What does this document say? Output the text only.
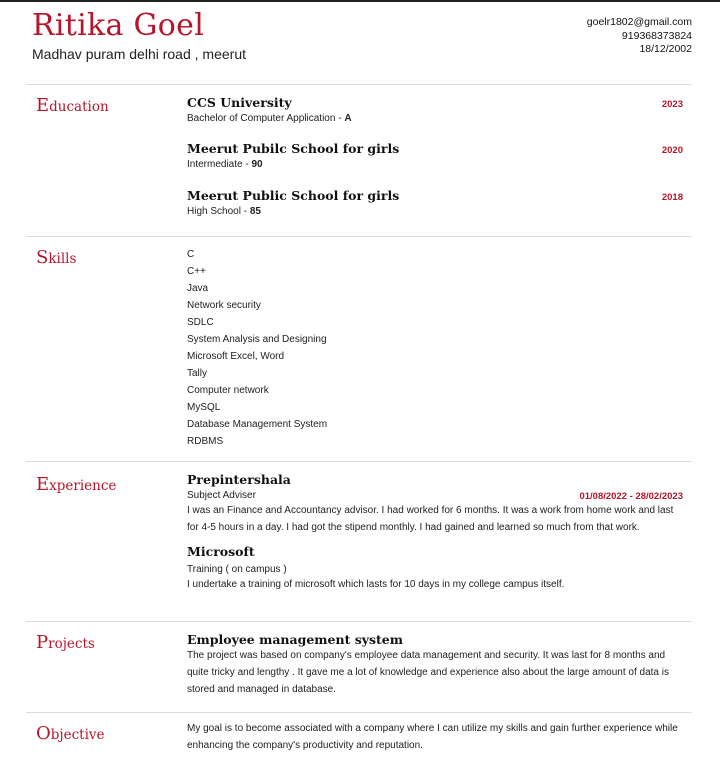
Ritika Goel
Madhav puram delhi road , meerut
goelr1802@gmail.com
919368373824
18/12/2002
Education	CCS University	2023
Bachelor of Computer Application - A
Meerut Pubilc School for girls	2020
Intermediate - 90
Meerut Public School for girls	2018
High School - 85
Skills	C
C++
Java
Network security
SDLC
System Analysis and Designing
Microsoft Excel, Word
Tally
Computer network
MySQL
Database Management System
RDBMS
Experience	Prepintershala
Subject Adviser	01/08/2022 - 28/02/2023
I was an Finance and Accountancy advisor. I had worked for 6 months. It was a work from home work and last for 4-5 hours in a day. I had got the stipend monthly. I had gained and learned so much from that work.
Microsoft
Training ( on campus )
I undertake a training of microsoft which lasts for 10 days in my college campus itself.
Projects	Employee management system
The project was based on company's employee data management and security. It was last for 8 months and quite tricky and lengthy . It gave me a lot of knowledge and experience also about the large amount of data is stored and managed in database.
Objective	My goal is to become associated with a company where I can utilize my skills and gain further experience while enhancing the company's productivity and reputation.
